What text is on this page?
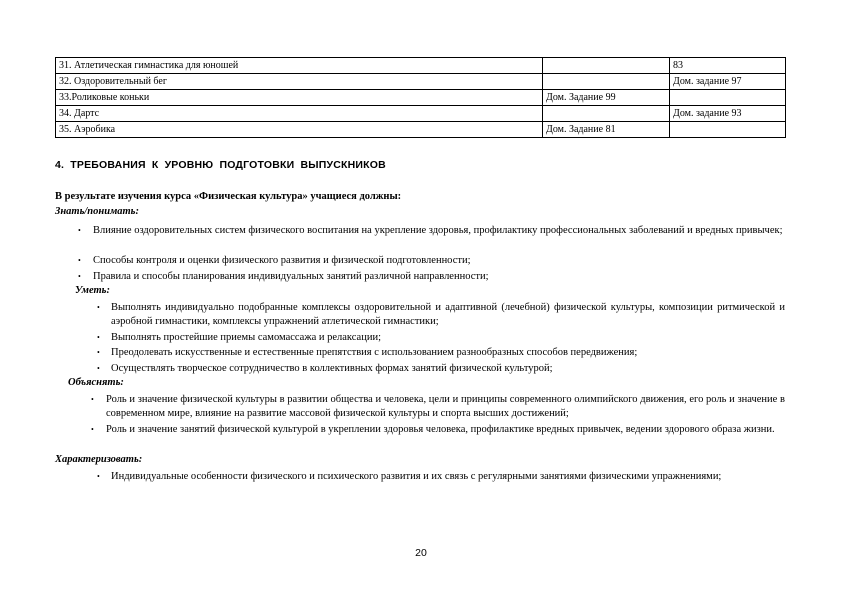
31. Атлетическая гимнастика для юношей		83
32. Оздоровительный бег		Дом. задание 97
33.Роликовые коньки	Дом. Задание 99	
34. Дартс		Дом. задание 93
35. Аэробика	Дом. Задание 81	
4. ТРЕБОВАНИЯ К УРОВНЮ ПОДГОТОВКИ ВЫПУСКНИКОВ
В результате изучения курса «Физическая культура» учащиеся должны:
Знать/понимать:
• Влияние оздоровительных систем физического воспитания на укрепление здоровья, профилактику профессиональных заболеваний и вредных привычек;
• Способы контроля и оценки физического развития и физической подготовленности;
• Правила и способы планирования индивидуальных занятий различной направленности;
Уметь:
• Выполнять индивидуально подобранные комплексы оздоровительной и адаптивной (лечебной) физической культуры, композиции ритмической и аэробной гимнастики, комплексы упражнений атлетической гимнастики;
• Выполнять простейшие приемы самомассажа и релаксации;
• Преодолевать искусственные и естественные препятствия с использованием разнообразных способов передвижения;
• Осуществлять творческое сотрудничество в коллективных формах занятий физической культурой;
Объяснять:
• Роль и значение физической культуры в развитии общества и человека, цели и принципы современного олимпийского движения, его роль и значение в современном мире, влияние на развитие массовой физической культуры и спорта высших достижений;
• Роль и значение занятий физической культурой в укреплении здоровья человека, профилактике вредных привычек, ведении здорового образа жизни.
Характеризовать:
• Индивидуальные особенности физического и психического развития и их связь с регулярными занятиями физическими упражнениями;
20
